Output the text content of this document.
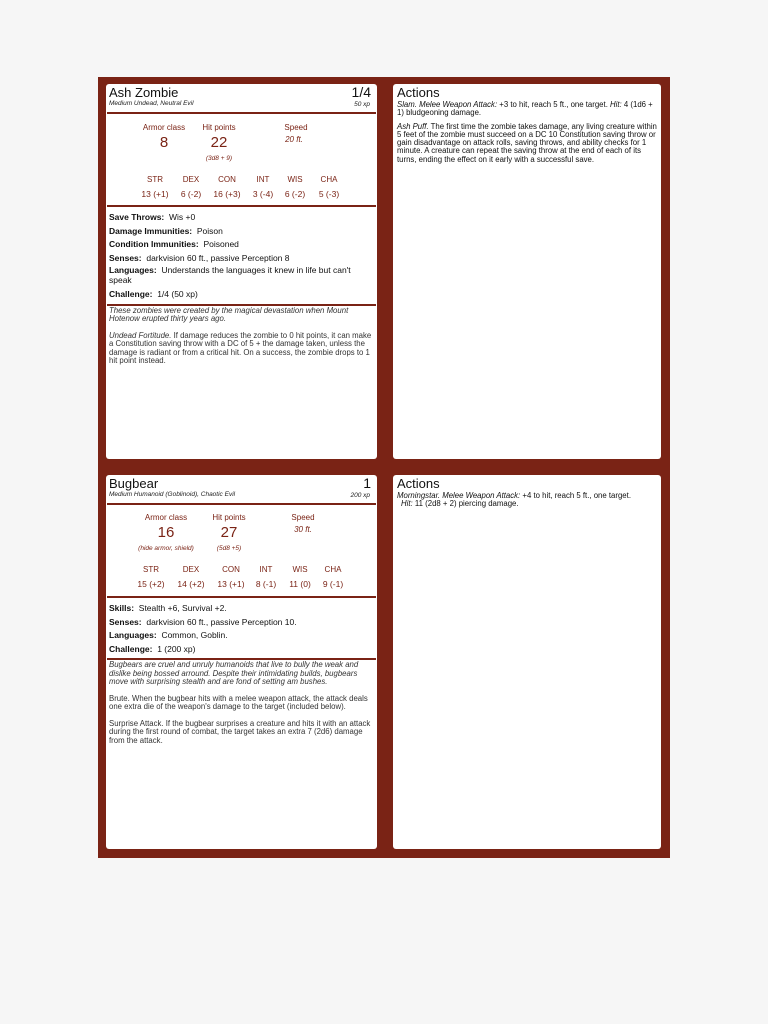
Ash Zombie
Medium Undead, Neutral Evil
1/4
50 xp
Armor class
8
Hit points
22
(3d8 + 9)
Speed
20 ft.
STR
13 (+1)
DEX
6 (-2)
CON
16 (+3)
INT
3 (-4)
WIS
6 (-2)
CHA
5 (-3)
Save Throws: Wis +0
Damage Immunities: Poison
Condition Immunities: Poisoned
Senses: darkvision 60 ft., passive Perception 8
Languages: Understands the languages it knew in life but can't speak
Challenge: 1/4 (50 xp)

These zombies were created by the magical devastation when Mount Hotenow erupted thirty years ago.

Undead Fortitude. If damage reduces the zombie to 0 hit points, it can make a Constitution saving throw with a DC of 5 + the damage taken, unless the damage is radiant or from a critical hit. On a success, the zombie drops to 1 hit point instead.

Actions

Slam. Melee Weapon Attack: +3 to hit, reach 5 ft., one target. Hit: 4 (1d6 + 1) bludgeoning damage.

Ash Puff. The first time the zombie takes damage, any living creature within 5 feet of the zombie must succeed on a DC 10 Constitution saving throw or gain disadvantage on attack rolls, saving throws, and ability checks for 1 minute. A creature can repeat the saving throw at the end of each of its turns, ending the effect on it early with a successful save.

Bugbear
Medium Humanoid (Goblinoid), Chaotic Evil
1
200 xp
Armor class
16
(hide armor, shield)
Hit points
27
(5d8 +5)
Speed
30 ft.
STR
15 (+2)
DEX
14 (+2)
CON
13 (+1)
INT
8 (-1)
WIS
11 (0)
CHA
9 (-1)
Skills: Stealth +6, Survival +2.
Senses: darkvision 60 ft., passive Perception 10.
Languages: Common, Goblin.
Challenge: 1 (200 xp)

Bugbears are cruel and unruly humanoids that live to bully the weak and dislike being bossed arround. Despite their intimidating builds, bugbears move with surprising stealth and are fond of setting am bushes.

Brute. When the bugbear hits with a melee weapon attack, the attack deals one extra die of the weapon's damage to the target (included below).

Surprise Attack. If the bugbear surprises a creature and hits it with an attack during the first round of combat, the target takes an extra 7 (2d6) damage from the attack.

Actions

Morningstar. Melee Weapon Attack: +4 to hit, reach 5 ft., one target.
Hit: 11 (2d8 + 2) piercing damage.
